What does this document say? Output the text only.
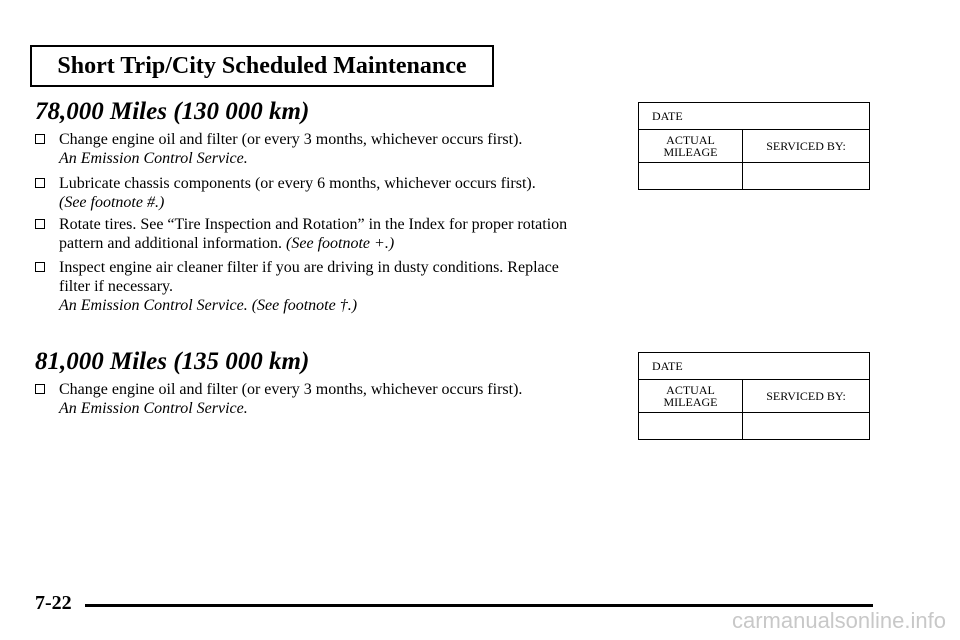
Short Trip/City Scheduled Maintenance
78,000 Miles (130 000 km)
Change engine oil and filter (or every 3 months, whichever occurs first).
An Emission Control Service.
Lubricate chassis components (or every 6 months, whichever occurs first).
(See footnote #.)
Rotate tires. See “Tire Inspection and Rotation” in the Index for proper rotation pattern and additional information. (See footnote +.)
Inspect engine air cleaner filter if you are driving in dusty conditions. Replace filter if necessary.
An Emission Control Service. (See footnote †.)
DATE	
ACTUAL MILEAGE	SERVICED BY:

81,000 Miles (135 000 km)
Change engine oil and filter (or every 3 months, whichever occurs first).
An Emission Control Service.
DATE	
ACTUAL MILEAGE	SERVICED BY:

7-22
carmanualsonline.info
